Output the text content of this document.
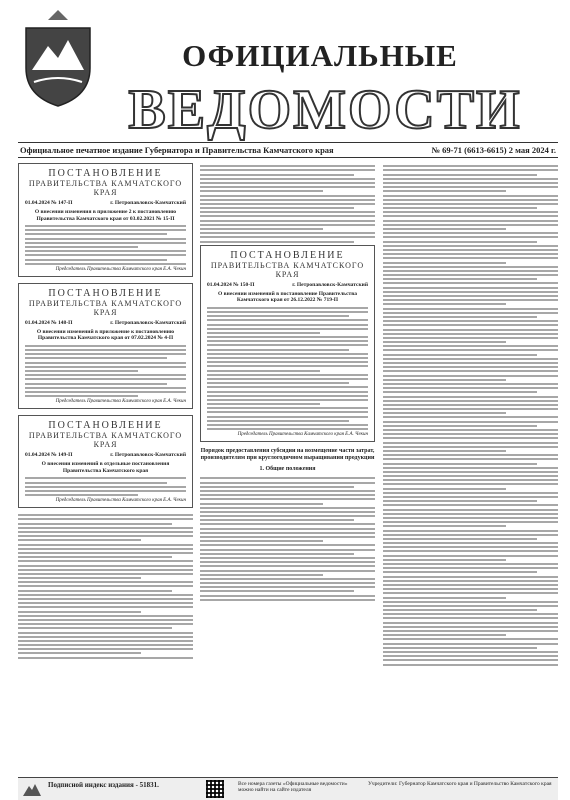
ОФИЦИАЛЬНЫЕ
ВЕДОМОСТИ
Официальное печатное издание Губернатора и Правительства Камчатского края	№ 69-71 (6613-6615) 2 мая 2024 г.
ПОСТАНОВЛЕНИЕ
ПРАВИТЕЛЬСТВА КАМЧАТСКОГО КРАЯ
01.04.2024 № 147-П	г. Петропавловск-Камчатский
О внесении изменения в приложение 2 к постановлению Правительства Камчатского края от 03.02.2021 № 15-П
Председатель Правительства Камчатского края Е.А. Чекин
ПОСТАНОВЛЕНИЕ
ПРАВИТЕЛЬСТВА КАМЧАТСКОГО КРАЯ
01.04.2024 № 148-П	г. Петропавловск-Камчатский
О внесении изменений в приложение к постановлению Правительства Камчатского края от 07.02.2024 № 4-П
Председатель Правительства Камчатского края Е.А. Чекин
ПОСТАНОВЛЕНИЕ
ПРАВИТЕЛЬСТВА КАМЧАТСКОГО КРАЯ
01.04.2024 № 149-П	г. Петропавловск-Камчатский
О внесении изменений в отдельные постановления Правительства Камчатского края
Председатель Правительства Камчатского края Е.А. Чекин
ПОСТАНОВЛЕНИЕ
ПРАВИТЕЛЬСТВА КАМЧАТСКОГО КРАЯ
01.04.2024 № 150-П	г. Петропавловск-Камчатский
О внесении изменений в постановление Правительства Камчатского края от 26.12.2022 № 719-П
Председатель Правительства Камчатского края Е.А. Чекин
Порядок предоставления субсидии на возмещение части затрат, производителям при круглогодичном выращивании продукции
1. Общие положения
Подписной индекс издания - 51831.	Все номера газеты «Официальные ведомости» можно найти на сайте издателя
Учредители: Губернатор Камчатского края и Правительство Камчатского края
